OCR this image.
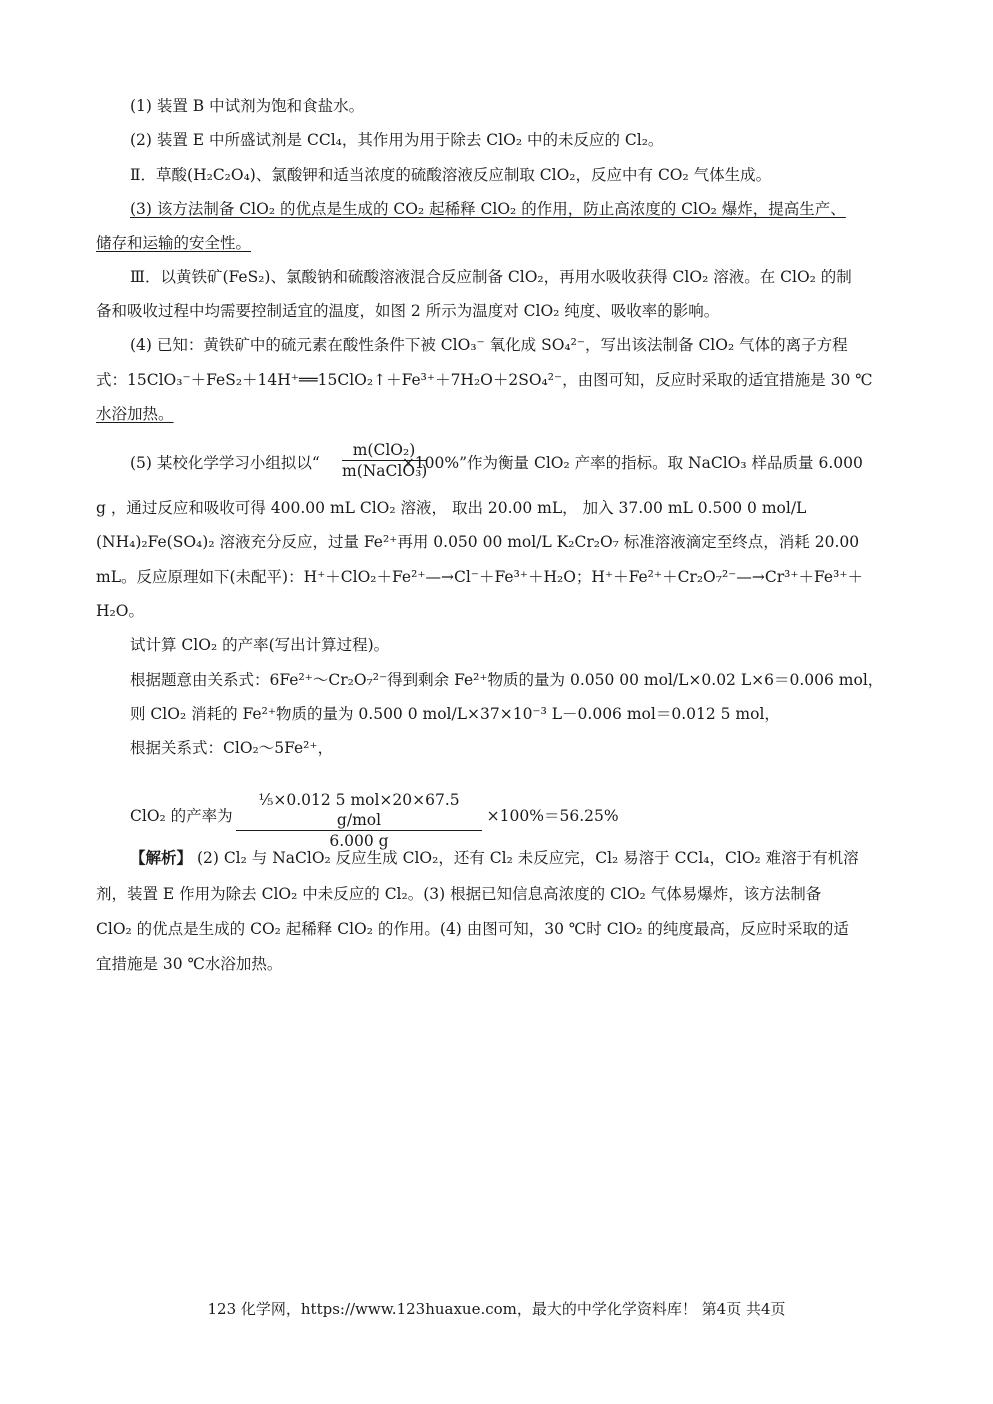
(1) 装置 B 中试剂为饱和食盐水。
(2) 装置 E 中所盛试剂是 CCl₄，其作用为用于除去 ClO₂ 中的未反应的 Cl₂。
Ⅱ．草酸(H₂C₂O₄)、氯酸钾和适当浓度的硫酸溶液反应制取 ClO₂，反应中有 CO₂ 气体生成。
(3) 该方法制备 ClO₂ 的优点是生成的 CO₂ 起稀释 ClO₂ 的作用，防止高浓度的 ClO₂ 爆炸，提高生产、
储存和运输的安全性。
Ⅲ．以黄铁矿(FeS₂)、氯酸钠和硫酸溶液混合反应制备 ClO₂，再用水吸收获得 ClO₂ 溶液。在 ClO₂ 的制
备和吸收过程中均需要控制适宜的温度，如图 2 所示为温度对 ClO₂ 纯度、吸收率的影响。
(4) 已知：黄铁矿中的硫元素在酸性条件下被 ClO₃⁻ 氧化成 SO₄²⁻，写出该法制备 ClO₂ 气体的离子方程
式：15ClO₃⁻＋FeS₂＋14H⁺══15ClO₂↑＋Fe³⁺＋7H₂O＋2SO₄²⁻，由图可知，反应时采取的适宜措施是 30 ℃
水浴加热。
(5) 某校化学学习小组拟以“	×100%”作为衡量 ClO₂ 产率的指标。取 NaClO₃ 样品质量 6.000
m(ClO₂)
m(NaClO₃)
g ，通过反应和吸收可得 400.00 mL ClO₂ 溶液， 取出 20.00 mL， 加入 37.00 mL 0.500 0 mol/L
(NH₄)₂Fe(SO₄)₂ 溶液充分反应，过量 Fe²⁺再用 0.050 00 mol/L K₂Cr₂O₇ 标准溶液滴定至终点，消耗 20.00
mL。反应原理如下(未配平)：H⁺＋ClO₂＋Fe²⁺—→Cl⁻＋Fe³⁺＋H₂O；H⁺＋Fe²⁺＋Cr₂O₇²⁻—→Cr³⁺＋Fe³⁺＋
H₂O。
试计算 ClO₂ 的产率(写出计算过程)。
根据题意由关系式：6Fe²⁺～Cr₂O₇²⁻得到剩余 Fe²⁺物质的量为 0.050 00 mol/L×0.02 L×6＝0.006 mol，
则 ClO₂ 消耗的 Fe²⁺物质的量为 0.500 0 mol/L×37×10⁻³ L－0.006 mol＝0.012 5 mol，
根据关系式：ClO₂～5Fe²⁺，
ClO₂ 的产率为	×100%＝56.25%
⅕×0.012 5 mol×20×67.5 g/mol
6.000 g
【解析】 (2) Cl₂ 与 NaClO₂ 反应生成 ClO₂，还有 Cl₂ 未反应完，Cl₂ 易溶于 CCl₄，ClO₂ 难溶于有机溶
剂，装置 E 作用为除去 ClO₂ 中未反应的 Cl₂。(3) 根据已知信息高浓度的 ClO₂ 气体易爆炸，该方法制备
ClO₂ 的优点是生成的 CO₂ 起稀释 ClO₂ 的作用。(4) 由图可知，30 ℃时 ClO₂ 的纯度最高，反应时采取的适
宜措施是 30 ℃水浴加热。
123 化学网，https://www.123huaxue.com，最大的中学化学资料库！ 第4页 共4页
